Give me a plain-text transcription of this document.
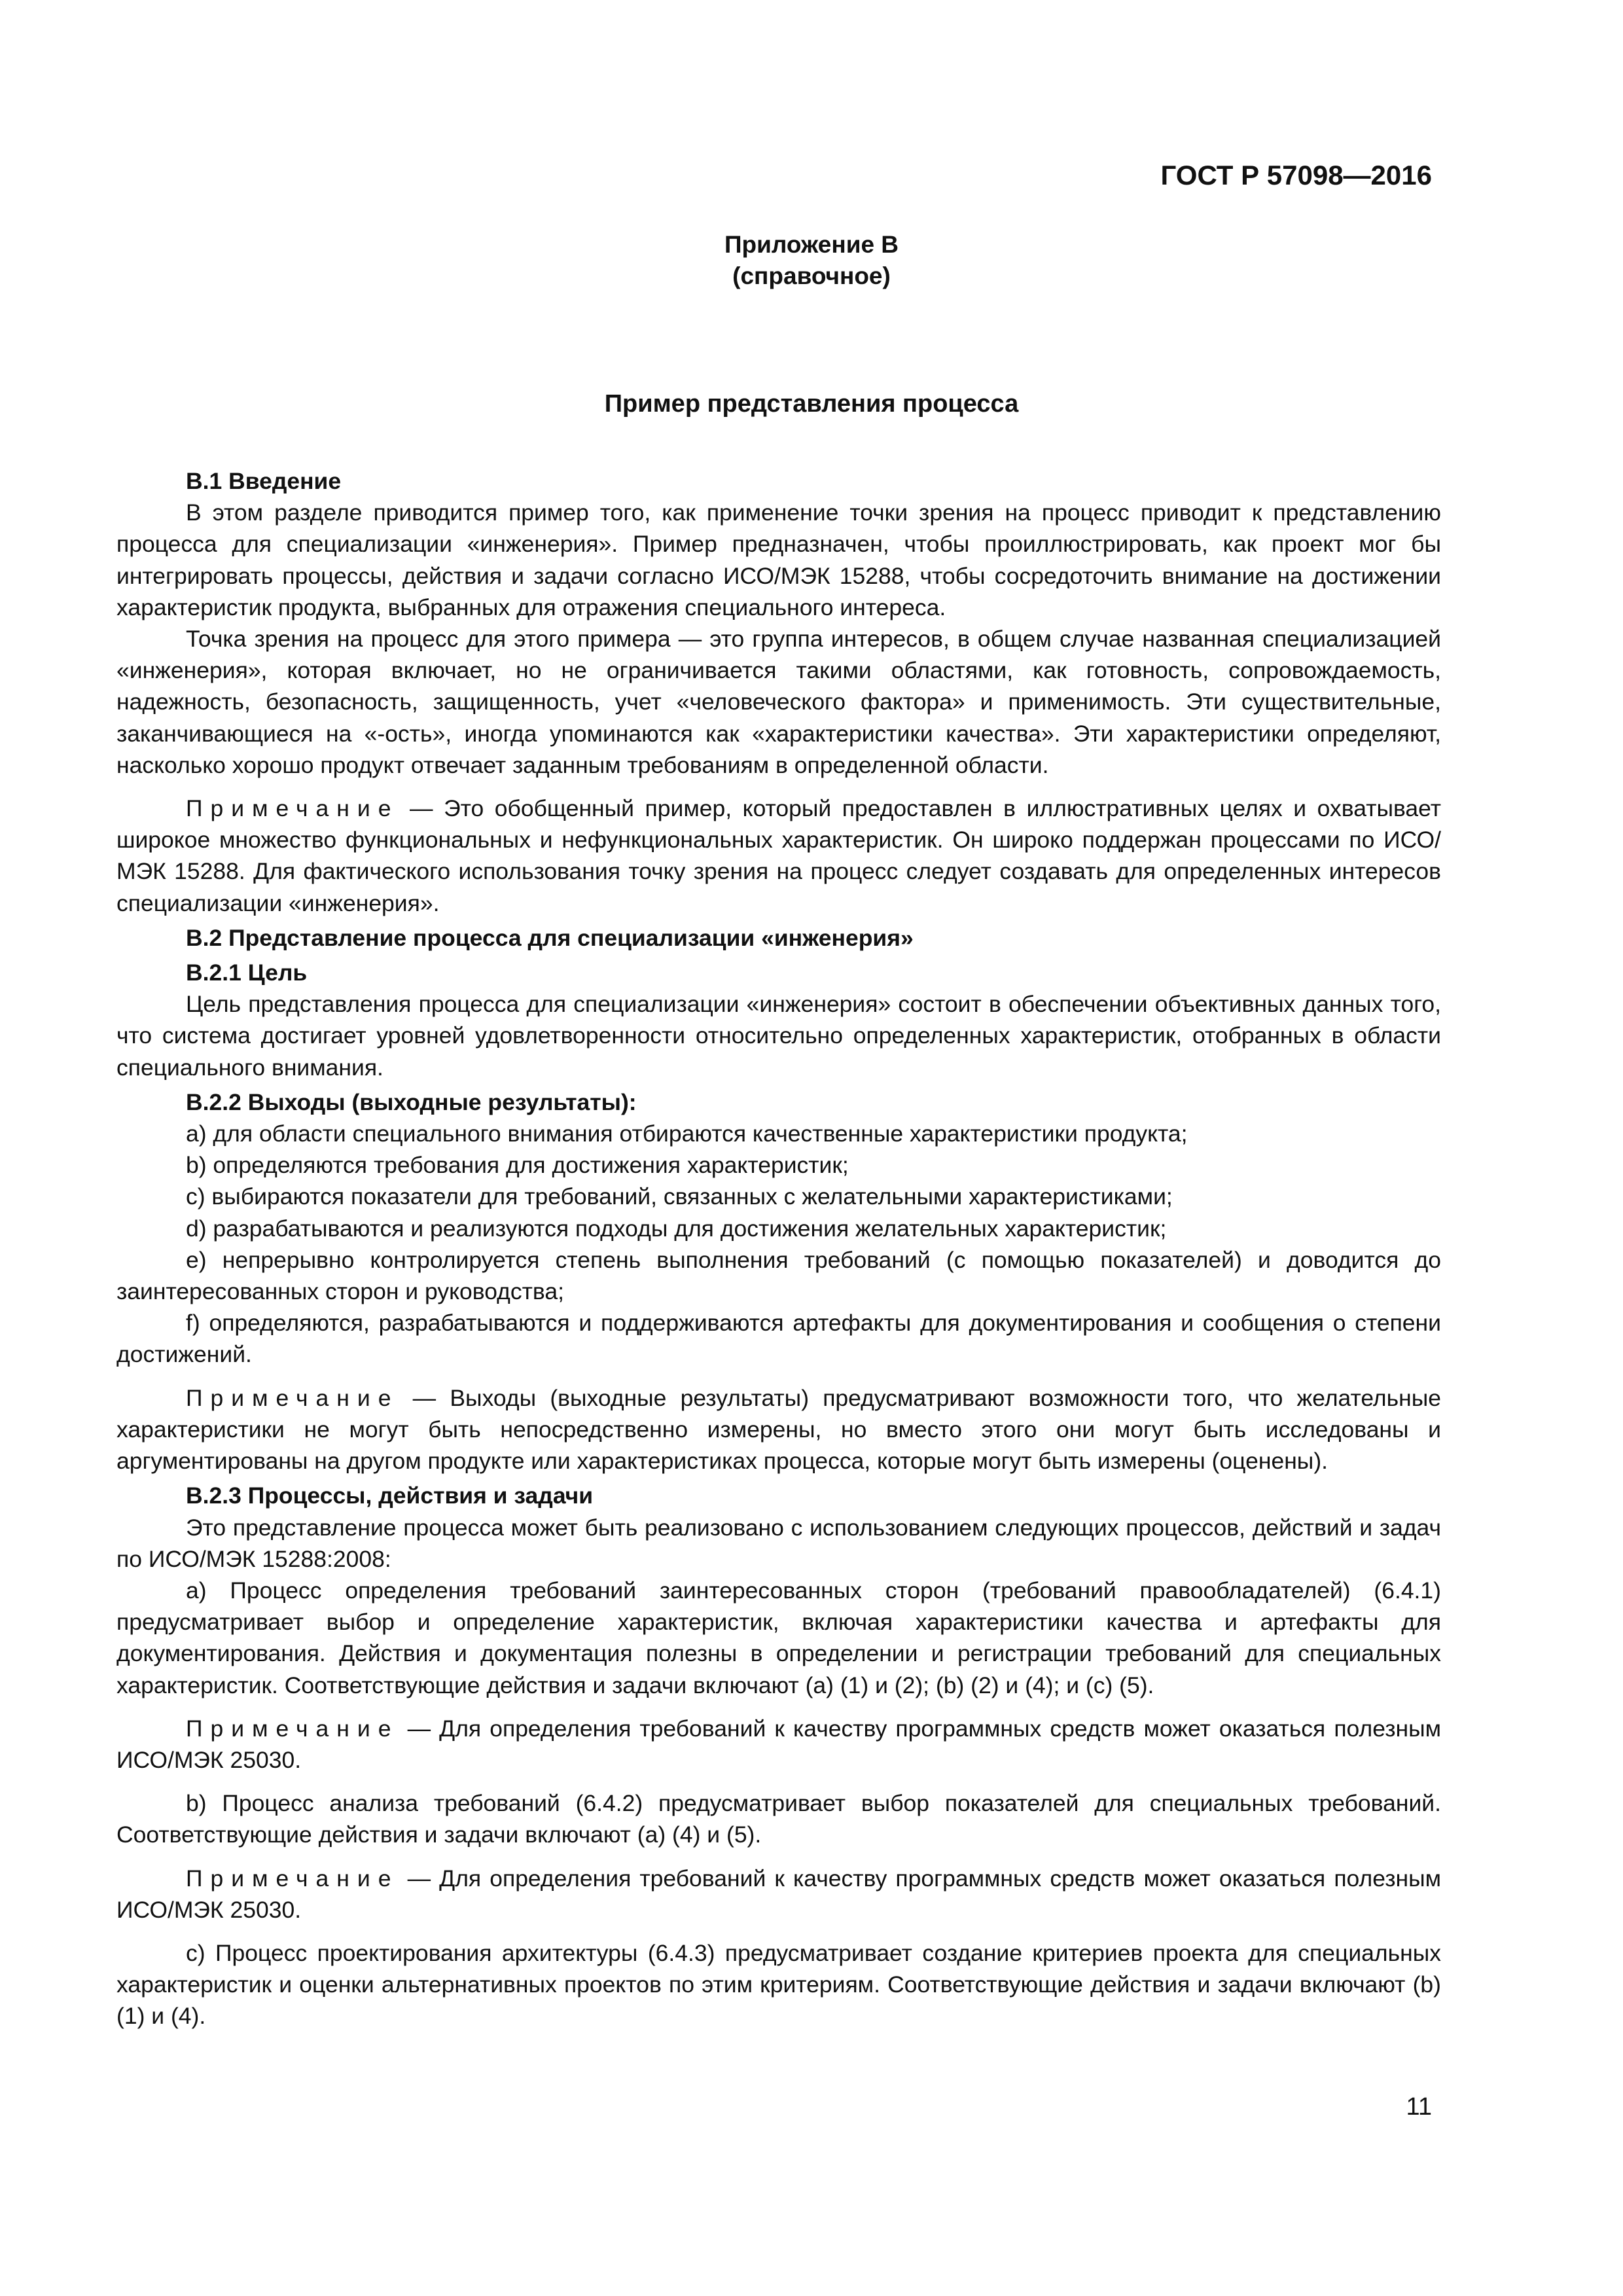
ГОСТ Р 57098—2016
Приложение В
(справочное)
Пример представления процесса

В.1 Введение

В этом разделе приводится пример того, как применение точки зрения на процесс приводит к представлению процесса для специализации «инженерия». Пример предназначен, чтобы проиллюстрировать, как проект мог бы интегрировать процессы, действия и задачи согласно ИСО/МЭК 15288, чтобы сосредоточить внимание на достижении характеристик продукта, выбранных для отражения специального интереса.

Точка зрения на процесс для этого примера — это группа интересов, в общем случае названная специализацией «инженерия», которая включает, но не ограничивается такими областями, как готовность, сопровождаемость, надежность, безопасность, защищенность, учет «человеческого фактора» и применимость. Эти существительные, заканчивающиеся на «-ость», иногда упоминаются как «характеристики качества». Эти характеристики определяют, насколько хорошо продукт отвечает заданным требованиям в определенной области.

Примечание — Это обобщенный пример, который предоставлен в иллюстративных целях и охватывает широкое множество функциональных и нефункциональных характеристик. Он широко поддержан процессами по ИСО/МЭК 15288. Для фактического использования точку зрения на процесс следует создавать для определенных интересов специализации «инженерия».

В.2 Представление процесса для специализации «инженерия»

В.2.1 Цель

Цель представления процесса для специализации «инженерия» состоит в обеспечении объективных данных того, что система достигает уровней удовлетворенности относительно определенных характеристик, отобранных в области специального внимания.

В.2.2 Выходы (выходные результаты):

a) для области специального внимания отбираются качественные характеристики продукта;

b) определяются требования для достижения характеристик;

c) выбираются показатели для требований, связанных с желательными характеристиками;

d) разрабатываются и реализуются подходы для достижения желательных характеристик;

e) непрерывно контролируется степень выполнения требований (с помощью показателей) и доводится до заинтересованных сторон и руководства;

f) определяются, разрабатываются и поддерживаются артефакты для документирования и сообщения о степени достижений.

Примечание — Выходы (выходные результаты) предусматривают возможности того, что желательные характеристики не могут быть непосредственно измерены, но вместо этого они могут быть исследованы и аргументированы на другом продукте или характеристиках процесса, которые могут быть измерены (оценены).

В.2.3 Процессы, действия и задачи

Это представление процесса может быть реализовано с использованием следующих процессов, действий и задач по ИСО/МЭК 15288:2008:

а) Процесс определения требований заинтересованных сторон (требований правообладателей) (6.4.1) предусматривает выбор и определение характеристик, включая характеристики качества и артефакты для документирования. Действия и документация полезны в определении и регистрации требований для специальных характеристик. Соответствующие действия и задачи включают (a) (1) и (2); (b) (2) и (4); и (c) (5).

Примечание — Для определения требований к качеству программных средств может оказаться полезным ИСО/МЭК 25030.

b) Процесс анализа требований (6.4.2) предусматривает выбор показателей для специальных требований. Соответствующие действия и задачи включают (a) (4) и (5).

Примечание — Для определения требований к качеству программных средств может оказаться полезным ИСО/МЭК 25030.

c) Процесс проектирования архитектуры (6.4.3) предусматривает создание критериев проекта для специальных характеристик и оценки альтернативных проектов по этим критериям. Соответствующие действия и задачи включают (b) (1) и (4).

11
